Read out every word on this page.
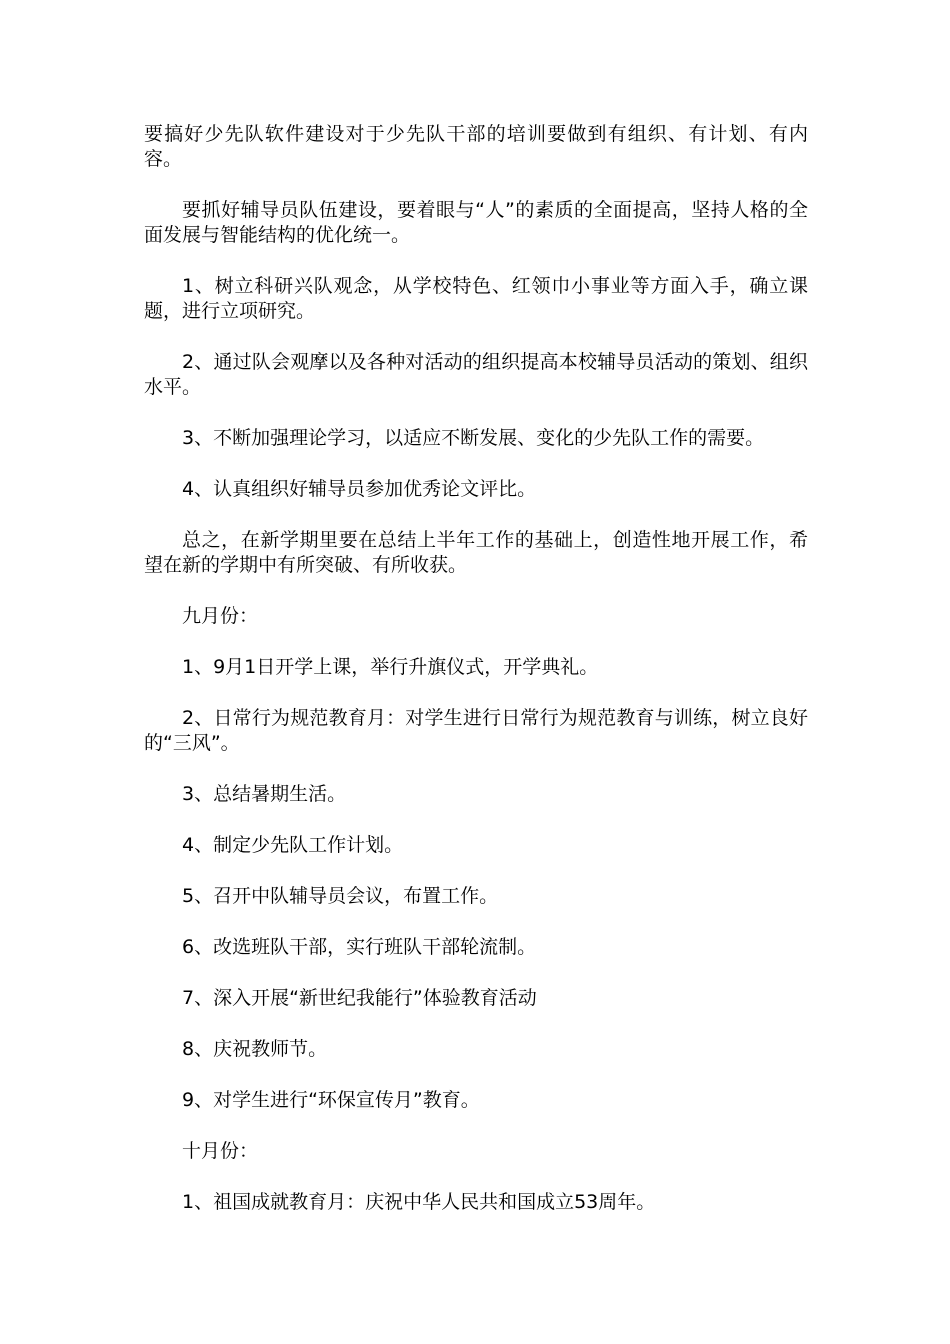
要搞好少先队软件建设对于少先队干部的培训要做到有组织、有计划、有内容。

要抓好辅导员队伍建设，要着眼与“人”的素质的全面提高，坚持人格的全面发展与智能结构的优化统一。

1、树立科研兴队观念，从学校特色、红领巾小事业等方面入手，确立课题，进行立项研究。

2、通过队会观摩以及各种对活动的组织提高本校辅导员活动的策划、组织水平。

3、不断加强理论学习，以适应不断发展、变化的少先队工作的需要。

4、认真组织好辅导员参加优秀论文评比。

总之，在新学期里要在总结上半年工作的基础上，创造性地开展工作，希望在新的学期中有所突破、有所收获。

九月份：

1、9月1日开学上课，举行升旗仪式，开学典礼。

2、日常行为规范教育月：对学生进行日常行为规范教育与训练，树立良好的“三风”。

3、总结暑期生活。

4、制定少先队工作计划。

5、召开中队辅导员会议，布置工作。

6、改选班队干部，实行班队干部轮流制。

7、深入开展“新世纪我能行”体验教育活动

8、庆祝教师节。

9、对学生进行“环保宣传月”教育。

十月份：

1、祖国成就教育月：庆祝中华人民共和国成立53周年。
